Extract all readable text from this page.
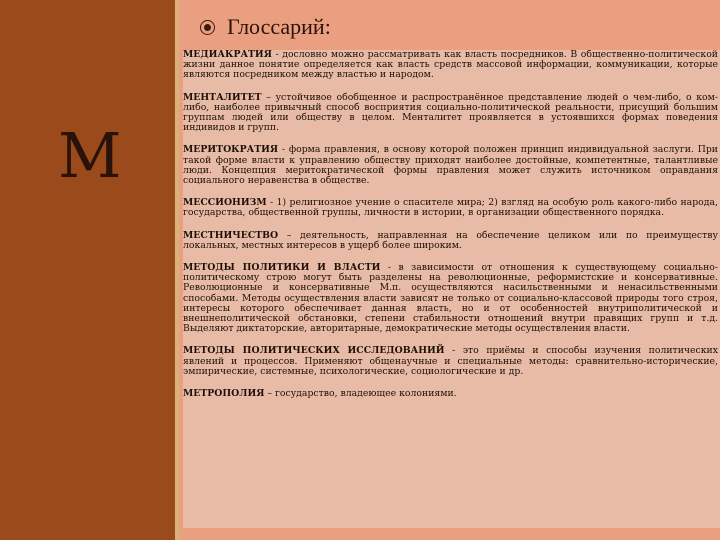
М
Глоссарий:

МЕДИАКРАТИЯ - дословно можно рассматривать как власть посредников. В общественно-политической жизни данное понятие определяется как власть средств массовой информации, коммуникации, которые являются посредником между властью и народом.

МЕНТАЛИТЕТ – устойчивое обобщенное и распространённое представление людей о чем-либо, о ком-либо, наиболее привычный способ восприятия социально-политической реальности, присущий большим группам людей или обществу в целом. Менталитет проявляется в устоявшихся формах поведения индивидов и групп.

МЕРИТОКРАТИЯ - форма правления, в основу которой положен принцип индивидуальной заслуги. При такой форме власти к управлению обществу приходят наиболее достойные, компетентные, талантливые люди. Концепция меритократической формы правления может служить источником оправдания социального неравенства в обществе.

МЕССИОНИЗМ - 1) религиозное учение о спасителе мира; 2) взгляд на особую роль какого-либо народа, государства, общественной группы, личности в истории, в организации общественного порядка.

МЕСТНИЧЕСТВО – деятельность, направленная на обеспечение целиком или по преимуществу локальных, местных интересов в ущерб более широким.

МЕТОДЫ ПОЛИТИКИ И ВЛАСТИ - в зависимости от отношения к существующему социально-политическому строю могут быть разделены на революционные, реформистские и консервативные. Революционные и консервативные М.п. осуществляются насильственными и ненасильственными способами. Методы осуществления власти зависят не только от социально-классовой природы того строя, интересы которого обеспечивает данная власть, но и от особенностей внутриполитической и внешнеполитической обстановки, степени стабильности отношений внутри правящих групп и т.д. Выделяют диктаторские, авторитарные, демократические методы осуществления власти.

МЕТОДЫ ПОЛИТИЧЕСКИХ ИССЛЕДОВАНИЙ - это приёмы и способы изучения политических явлений и процессов. Применяют общенаучные и специальные методы: сравнительно-исторические, эмпирические, системные, психологические, социологические и др.

МЕТРОПОЛИЯ – государство, владеющее колониями.
